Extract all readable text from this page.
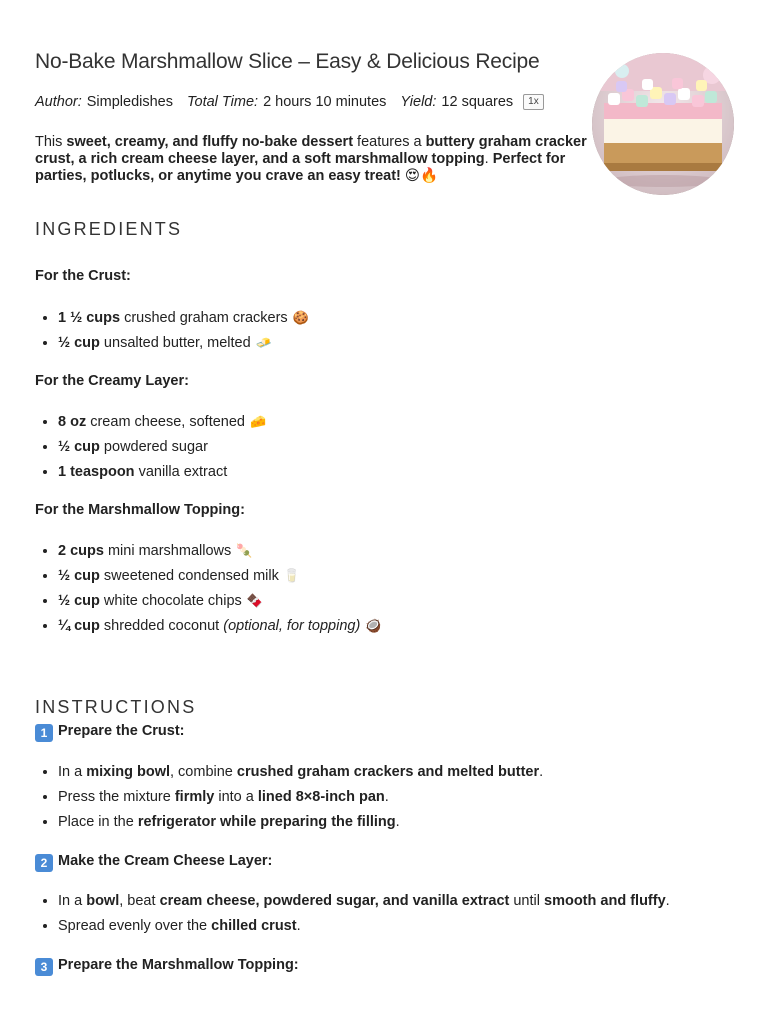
No-Bake Marshmallow Slice – Easy & Delicious Recipe
Author: Simpledishes Total Time: 2 hours 10 minutes Yield: 12 squares	1x

This sweet, creamy, and fluffy no-bake dessert features a buttery graham cracker crust, a rich cream cheese layer, and a soft marshmallow topping. Perfect for parties, potlucks, or anytime you crave an easy treat! 😍🔥

INGREDIENTS
For the Crust:
• 1 ½ cups crushed graham crackers 🍪
• ½ cup unsalted butter, melted 🧈
For the Creamy Layer:
• 8 oz cream cheese, softened 🧀
• ½ cup powdered sugar
• 1 teaspoon vanilla extract
For the Marshmallow Topping:
• 2 cups mini marshmallows 🍡
• ½ cup sweetened condensed milk 🥛
• ½ cup white chocolate chips 🍫
• ¼ cup shredded coconut (optional, for topping) 🥥
INSTRUCTIONS
1 Prepare the Crust:
• In a mixing bowl, combine crushed graham crackers and melted butter.
• Press the mixture firmly into a lined 8×8-inch pan.
• Place in the refrigerator while preparing the filling.
2 Make the Cream Cheese Layer:
• In a bowl, beat cream cheese, powdered sugar, and vanilla extract until smooth and fluffy.
• Spread evenly over the chilled crust.
3 Prepare the Marshmallow Topping:
